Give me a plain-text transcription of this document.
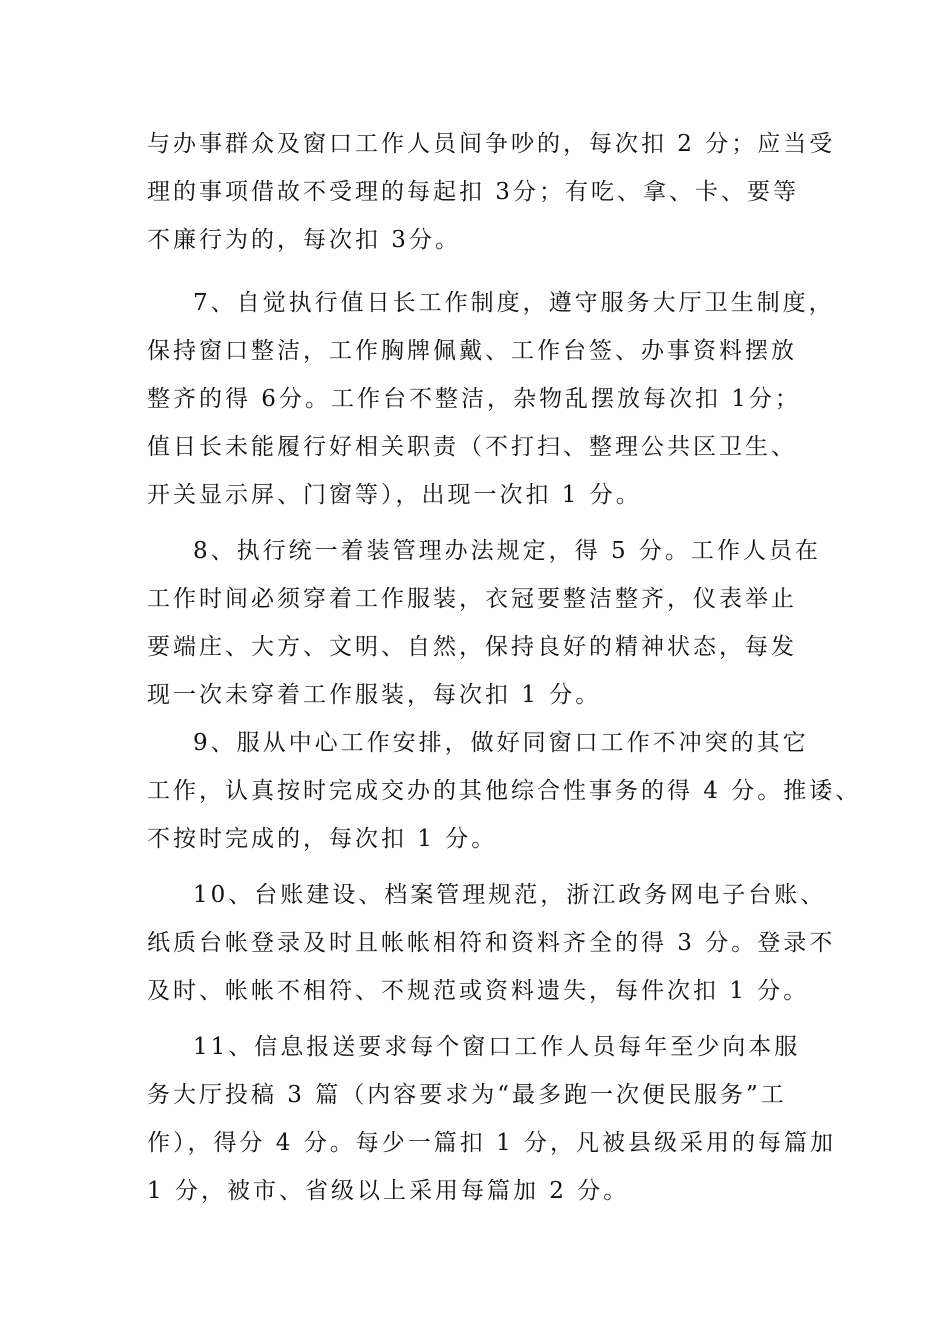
与办事群众及窗口工作人员间争吵的，每次扣 2 分；应当受
理的事项借故不受理的每起扣 3分；有吃、拿、卡、要等
不廉行为的，每次扣 3分。
7、自觉执行值日长工作制度，遵守服务大厅卫生制度，
保持窗口整洁，工作胸牌佩戴、工作台签、办事资料摆放
整齐的得 6分。工作台不整洁，杂物乱摆放每次扣 1分；
值日长未能履行好相关职责（不打扫、整理公共区卫生、
开关显示屏、门窗等），出现一次扣 1 分。
8、执行统一着装管理办法规定，得 5 分。工作人员在
工作时间必须穿着工作服装，衣冠要整洁整齐，仪表举止
要端庄、大方、文明、自然，保持良好的精神状态，每发
现一次未穿着工作服装，每次扣 1 分。
9、服从中心工作安排，做好同窗口工作不冲突的其它
工作，认真按时完成交办的其他综合性事务的得 4 分。推诿、
不按时完成的，每次扣 1 分。
10、台账建设、档案管理规范，浙江政务网电子台账、
纸质台帐登录及时且帐帐相符和资料齐全的得 3 分。登录不
及时、帐帐不相符、不规范或资料遗失，每件次扣 1 分。
11、信息报送要求每个窗口工作人员每年至少向本服
务大厅投稿 3 篇（内容要求为“最多跑一次便民服务”工
作），得分 4 分。每少一篇扣 1 分，凡被县级采用的每篇加
1 分，被市、省级以上采用每篇加 2 分。
